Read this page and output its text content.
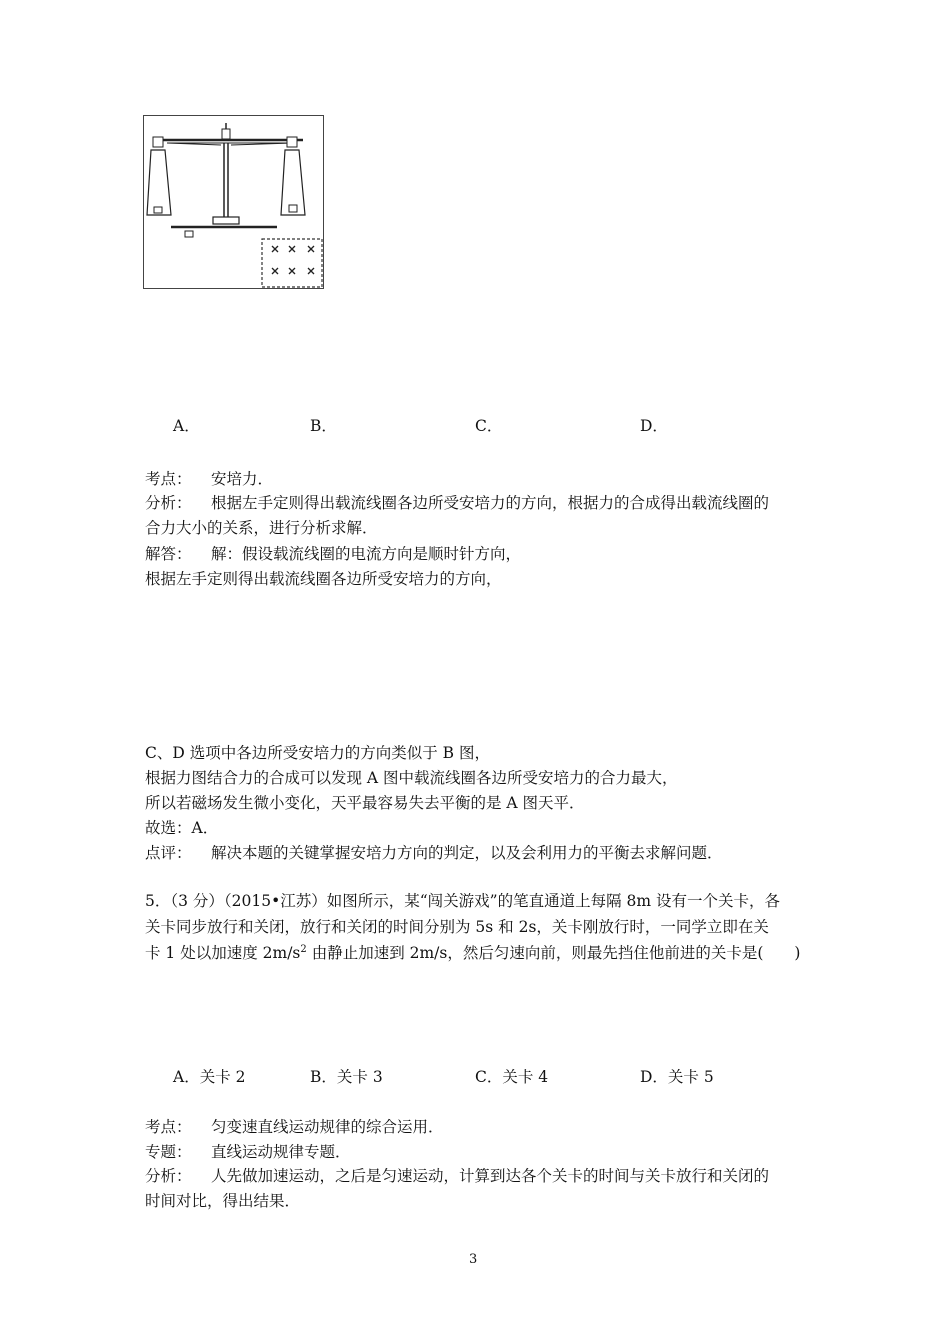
A．	B．	C．	D．
考点： 安培力．
分析： 根据左手定则得出载流线圈各边所受安培力的方向，根据力的合成得出载流线圈的
合力大小的关系，进行分析求解．
解答： 解：假设载流线圈的电流方向是顺时针方向，
根据左手定则得出载流线圈各边所受安培力的方向，
C、D 选项中各边所受安培力的方向类似于 B 图，
根据力图结合力的合成可以发现 A 图中载流线圈各边所受安培力的合力最大，
所以若磁场发生微小变化，天平最容易失去平衡的是 A 图天平．
故选：A．
点评： 解决本题的关键掌握安培力方向的判定，以及会利用力的平衡去求解问题．
5．（3 分）（2015•江苏）如图所示，某“闯关游戏”的笔直通道上每隔 8m 设有一个关卡，各
关卡同步放行和关闭，放行和关闭的时间分别为 5s 和 2s，关卡刚放行时，一同学立即在关
卡 1 处以加速度 $2m/s^2$ 由静止加速到 2m/s，然后匀速向前，则最先挡住他前进的关卡是(　　)
A．关卡 2	B．关卡 3	C．关卡 4	D．关卡 5
考点： 匀变速直线运动规律的综合运用．
专题： 直线运动规律专题．
分析： 人先做加速运动，之后是匀速运动，计算到达各个关卡的时间与关卡放行和关闭的
时间对比，得出结果．
3
